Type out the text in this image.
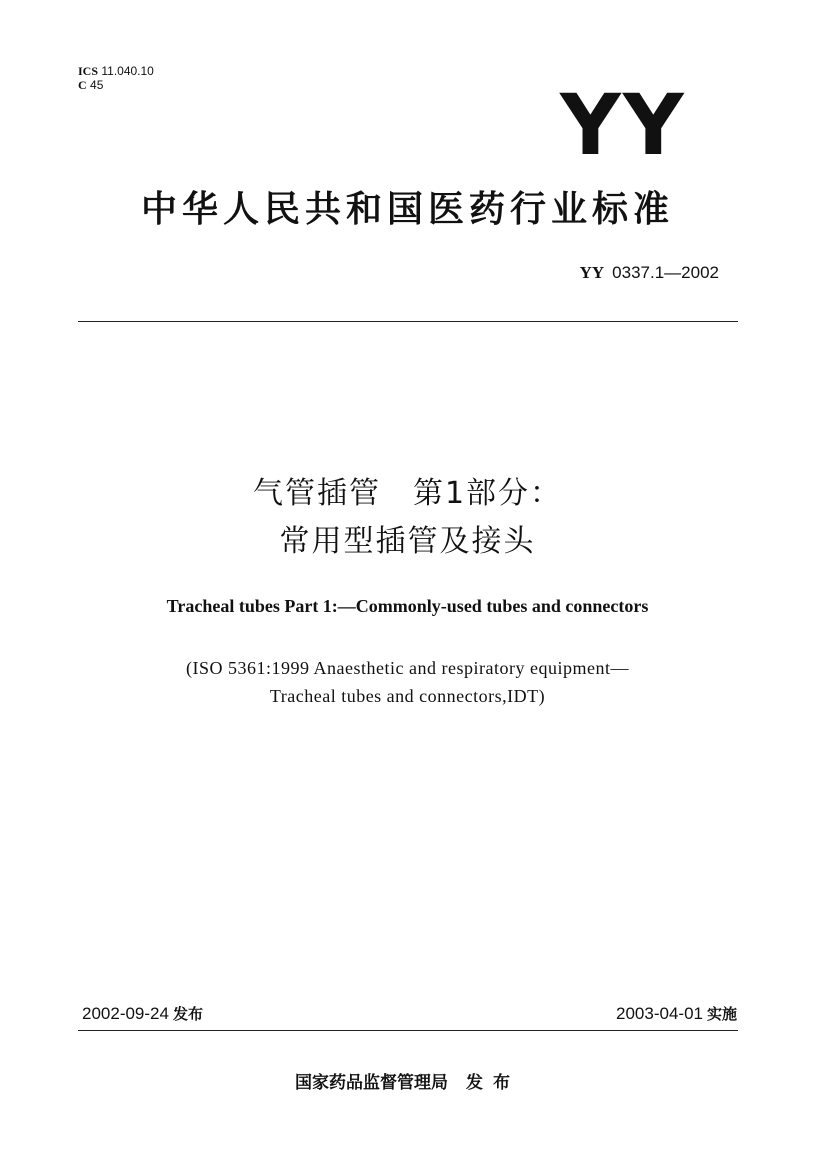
ICS 11.040.10
C 45	YY
中华人民共和国医药行业标准
YY 0337.1—2002
气管插管　第1部分：
常用型插管及接头
Tracheal tubes Part 1:—Commonly-used tubes and connectors
(ISO 5361:1999 Anaesthetic and respiratory equipment—
Tracheal tubes and connectors,IDT)
2002-09-24 发布	2003-04-01 实施
国家药品监督管理局 发布
